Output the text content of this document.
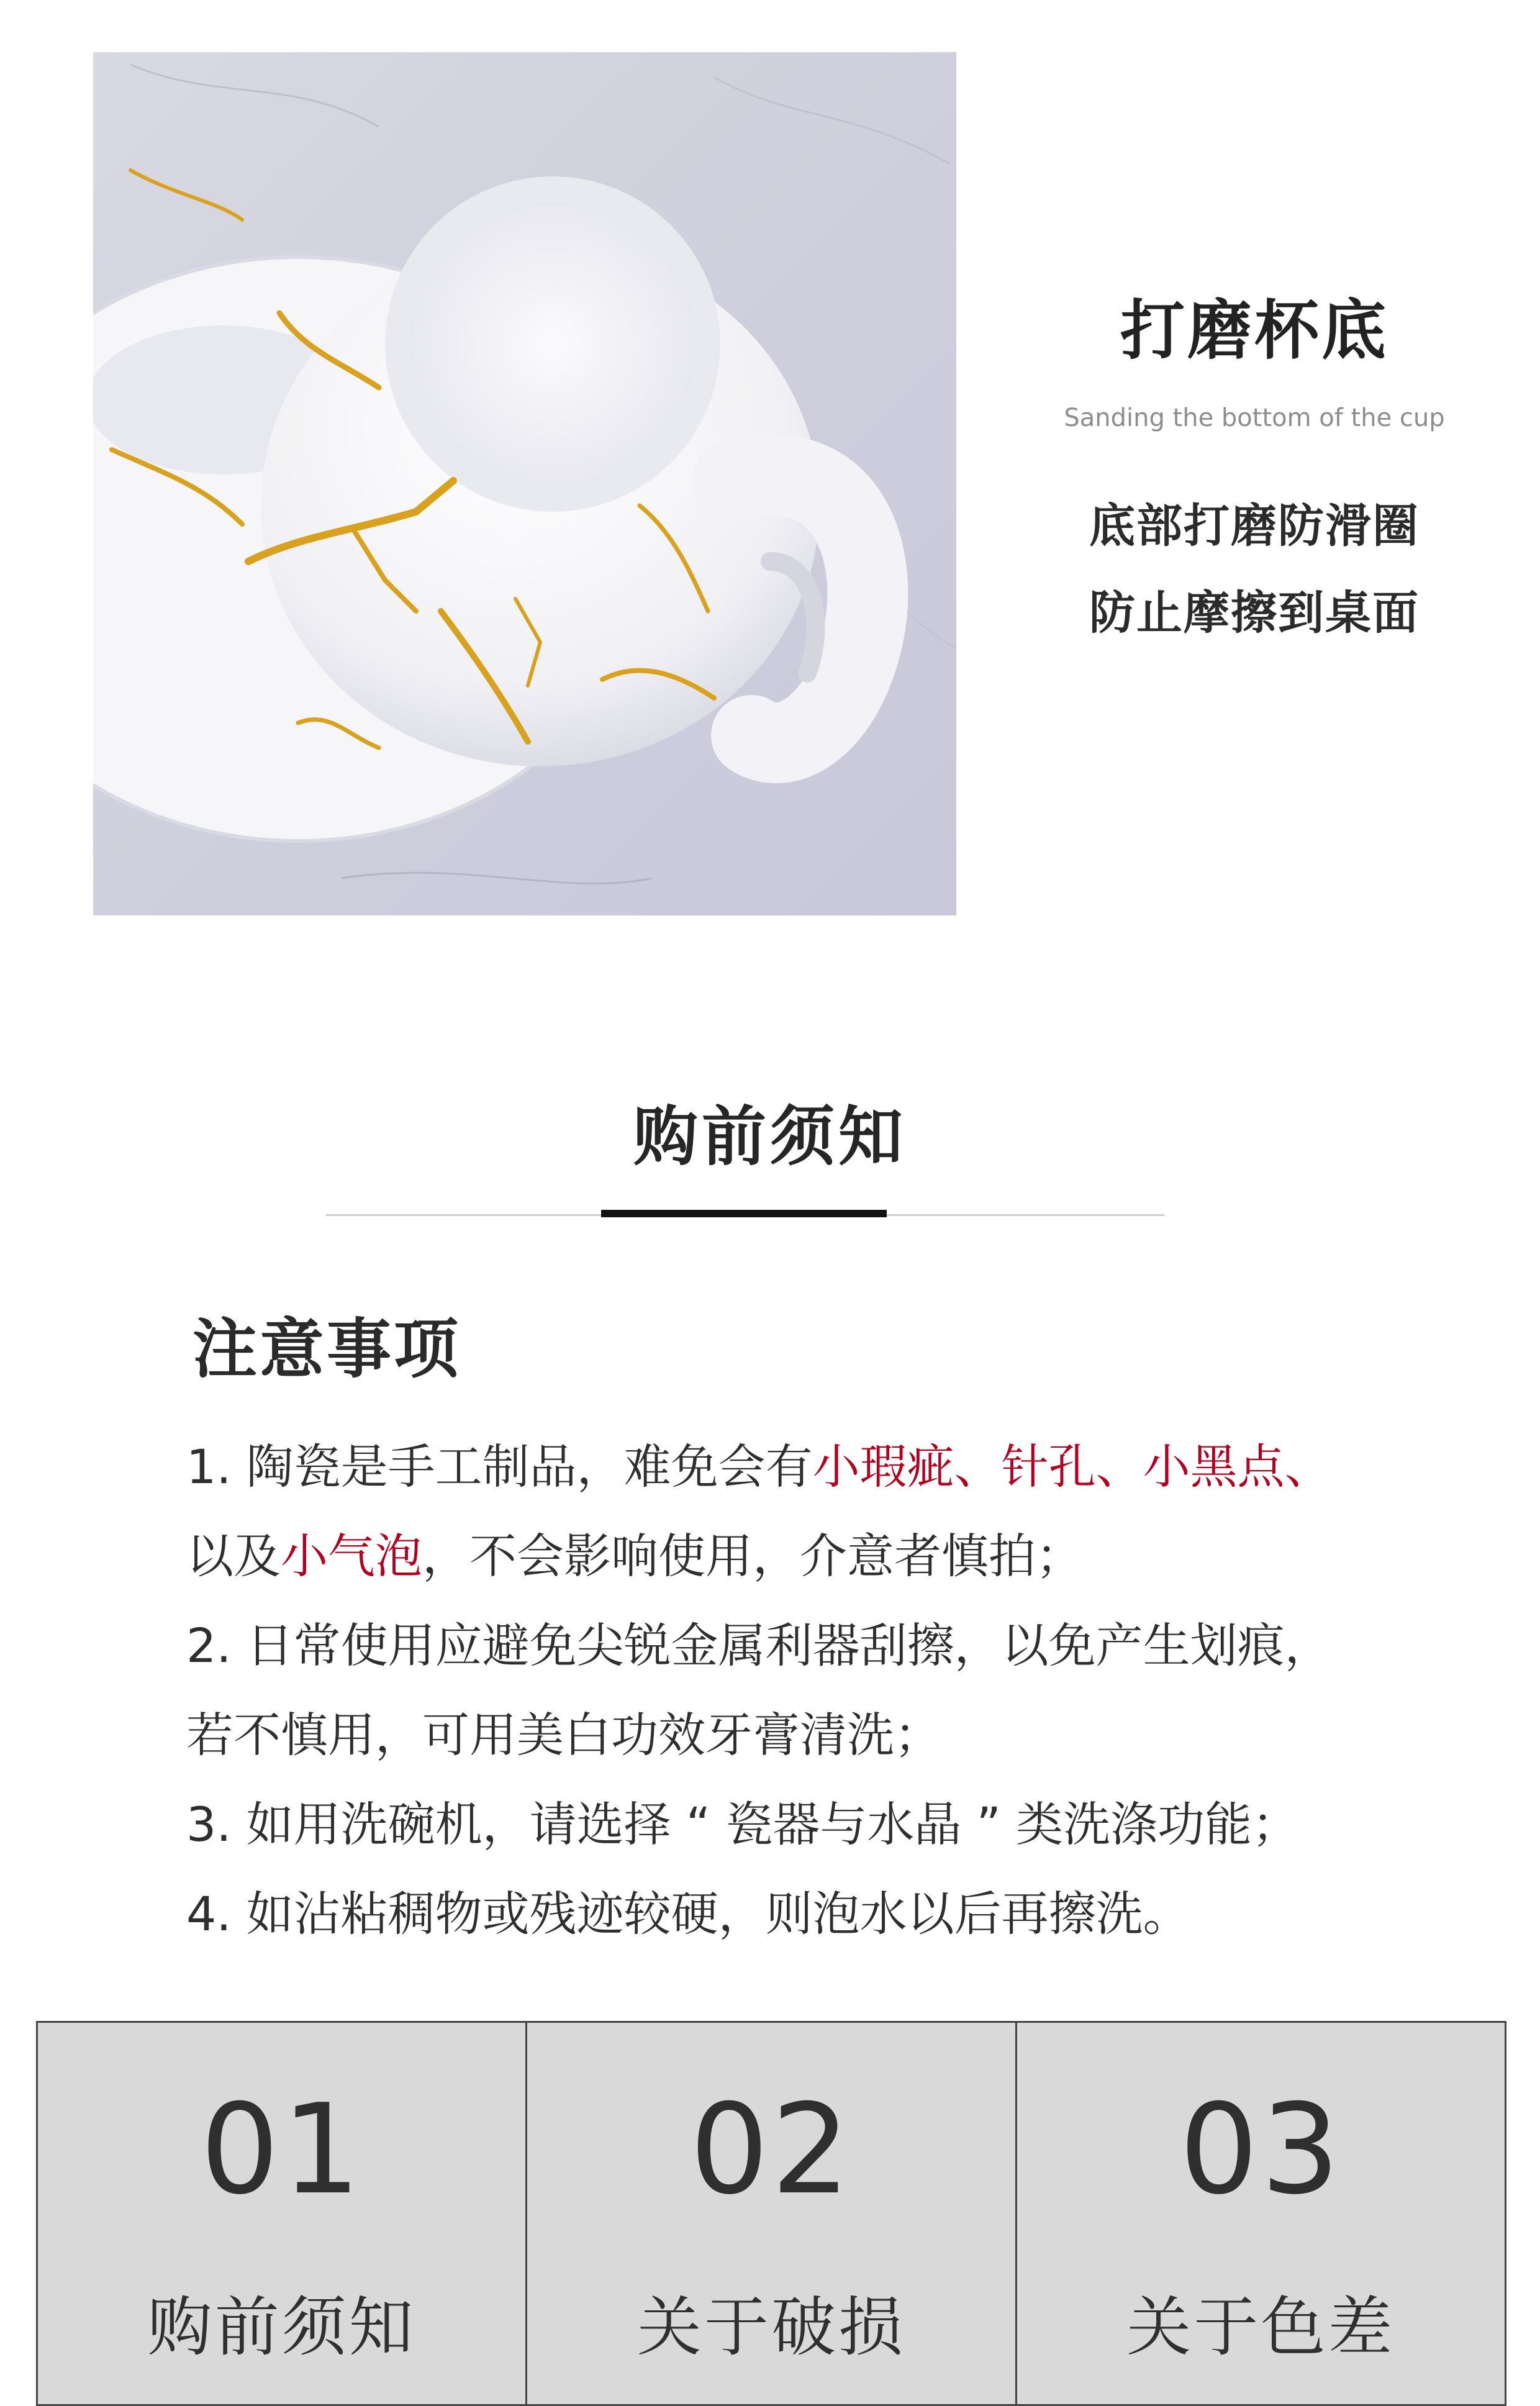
打磨杯底
Sanding the bottom of the cup
底部打磨防滑圈
防止摩擦到桌面
购前须知
注意事项
1. 陶瓷是手工制品，难免会有小瑕疵、针孔、小黑点、
以及小气泡，不会影响使用，介意者慎拍；
2. 日常使用应避免尖锐金属利器刮擦，以免产生划痕，
若不慎用，可用美白功效牙膏清洗；
3. 如用洗碗机，请选择 “ 瓷器与水晶 ” 类洗涤功能；
4. 如沾粘稠物或残迹较硬，则泡水以后再擦洗。
01
购前须知
02
关于破损
03
关于色差
